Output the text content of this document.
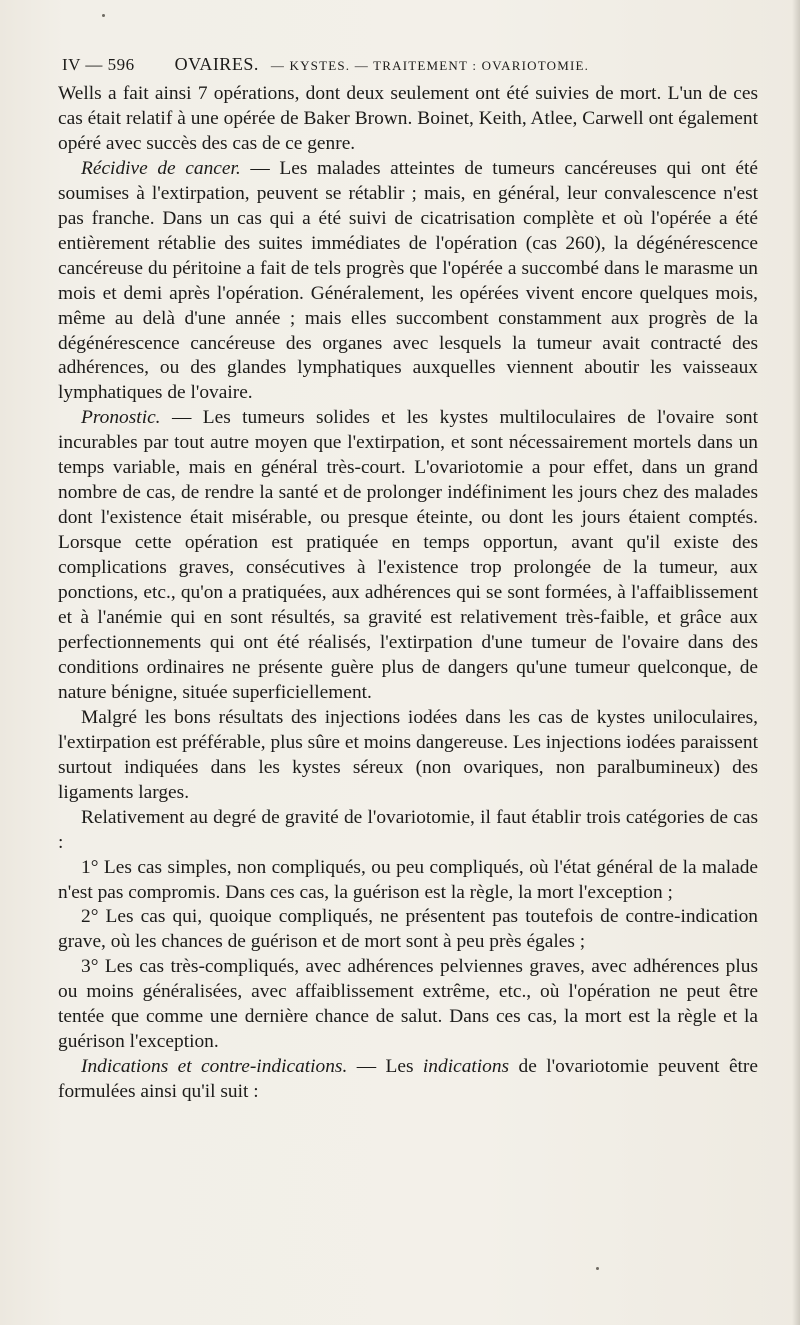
IV — 596 OVAIRES. — KYSTES. — TRAITEMENT : OVARIOTOMIE.

Wells a fait ainsi 7 opérations, dont deux seulement ont été suivies de mort. L'un de ces cas était relatif à une opérée de Baker Brown. Boinet, Keith, Atlee, Carwell ont également opéré avec succès des cas de ce genre.

Récidive de cancer. — Les malades atteintes de tumeurs cancéreuses qui ont été soumises à l'extirpation, peuvent se rétablir ; mais, en général, leur convalescence n'est pas franche. Dans un cas qui a été suivi de cicatrisation complète et où l'opérée a été entièrement rétablie des suites immédiates de l'opération (cas 260), la dégénérescence cancéreuse du péritoine a fait de tels progrès que l'opérée a succombé dans le marasme un mois et demi après l'opération. Généralement, les opérées vivent encore quelques mois, même au delà d'une année ; mais elles succombent constamment aux progrès de la dégénérescence cancéreuse des organes avec lesquels la tumeur avait contracté des adhérences, ou des glandes lymphatiques auxquelles viennent aboutir les vaisseaux lymphatiques de l'ovaire.

Pronostic. — Les tumeurs solides et les kystes multiloculaires de l'ovaire sont incurables par tout autre moyen que l'extirpation, et sont nécessairement mortels dans un temps variable, mais en général très-court. L'ovariotomie a pour effet, dans un grand nombre de cas, de rendre la santé et de prolonger indéfiniment les jours chez des malades dont l'existence était misérable, ou presque éteinte, ou dont les jours étaient comptés. Lorsque cette opération est pratiquée en temps opportun, avant qu'il existe des complications graves, consécutives à l'existence trop prolongée de la tumeur, aux ponctions, etc., qu'on a pratiquées, aux adhérences qui se sont formées, à l'affaiblissement et à l'anémie qui en sont résultés, sa gravité est relativement très-faible, et grâce aux perfectionnements qui ont été réalisés, l'extirpation d'une tumeur de l'ovaire dans des conditions ordinaires ne présente guère plus de dangers qu'une tumeur quelconque, de nature bénigne, située superficiellement.

Malgré les bons résultats des injections iodées dans les cas de kystes uniloculaires, l'extirpation est préférable, plus sûre et moins dangereuse. Les injections iodées paraissent surtout indiquées dans les kystes séreux (non ovariques, non paralbumineux) des ligaments larges.

Relativement au degré de gravité de l'ovariotomie, il faut établir trois catégories de cas :

1° Les cas simples, non compliqués, ou peu compliqués, où l'état général de la malade n'est pas compromis. Dans ces cas, la guérison est la règle, la mort l'exception ;

2° Les cas qui, quoique compliqués, ne présentent pas toutefois de contre-indication grave, où les chances de guérison et de mort sont à peu près égales ;

3° Les cas très-compliqués, avec adhérences pelviennes graves, avec adhérences plus ou moins généralisées, avec affaiblissement extrême, etc., où l'opération ne peut être tentée que comme une dernière chance de salut. Dans ces cas, la mort est la règle et la guérison l'exception.

Indications et contre-indications. — Les indications de l'ovariotomie peuvent être formulées ainsi qu'il suit :
